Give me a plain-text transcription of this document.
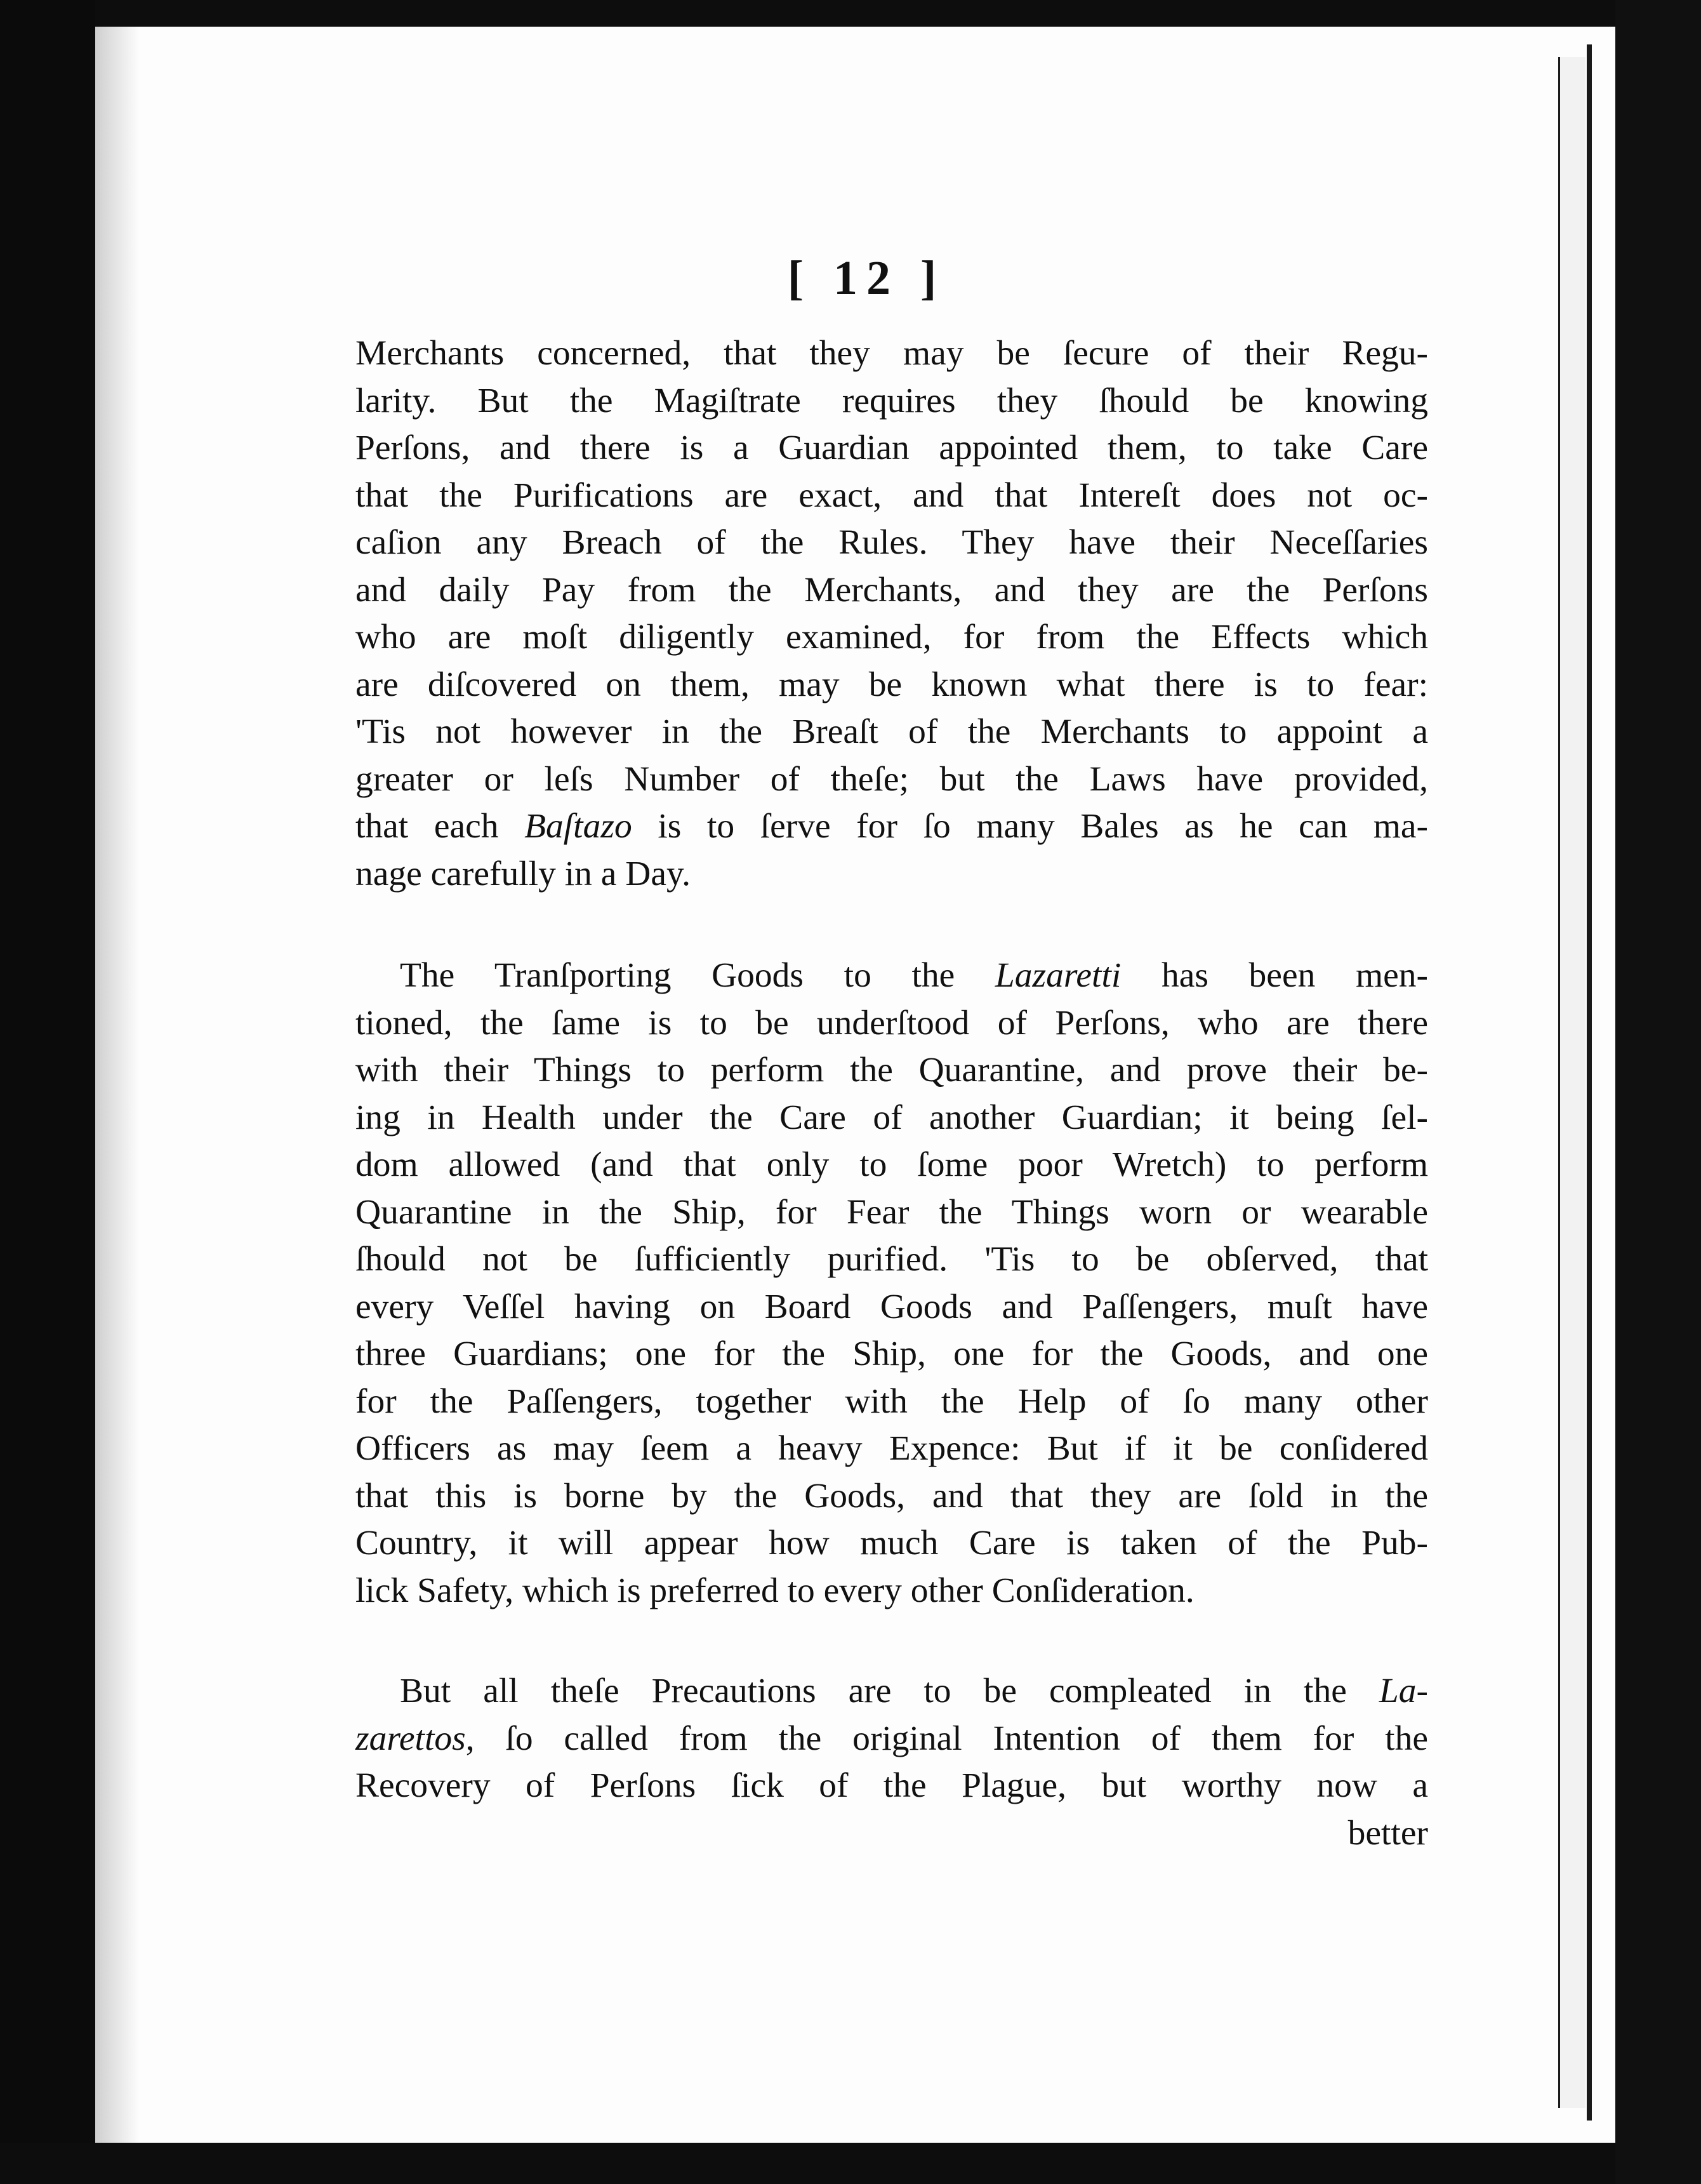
[ 12 ]
Merchants concerned, that they may be ſecure of their Regu-
larity. But the Magiſtrate requires they ſhould be knowing
Perſons, and there is a Guardian appointed them, to take Care
that the Purifications are exact, and that Intereſt does not oc-
caſion any Breach of the Rules. They have their Neceſſaries
and daily Pay from the Merchants, and they are the Perſons
who are moſt diligently examined, for from the Effects which
are diſcovered on them, may be known what there is to fear:
'Tis not however in the Breaſt of the Merchants to appoint a
greater or leſs Number of theſe; but the Laws have provided,
that each Baſtazo is to ſerve for ſo many Bales as he can ma-
nage carefully in a Day.
The Tranſporting Goods to the Lazaretti has been men-
tioned, the ſame is to be underſtood of Perſons, who are there
with their Things to perform the Quarantine, and prove their be-
ing in Health under the Care of another Guardian; it being ſel-
dom allowed (and that only to ſome poor Wretch) to perform
Quarantine in the Ship, for Fear the Things worn or wearable
ſhould not be ſufficiently purified. 'Tis to be obſerved, that
every Veſſel having on Board Goods and Paſſengers, muſt have
three Guardians; one for the Ship, one for the Goods, and one
for the Paſſengers, together with the Help of ſo many other
Officers as may ſeem a heavy Expence: But if it be conſidered
that this is borne by the Goods, and that they are ſold in the
Country, it will appear how much Care is taken of the Pub-
lick Safety, which is preferred to every other Conſideration.
But all theſe Precautions are to be compleated in the La-
zarettos, ſo called from the original Intention of them for the
Recovery of Perſons ſick of the Plague, but worthy now a
better
